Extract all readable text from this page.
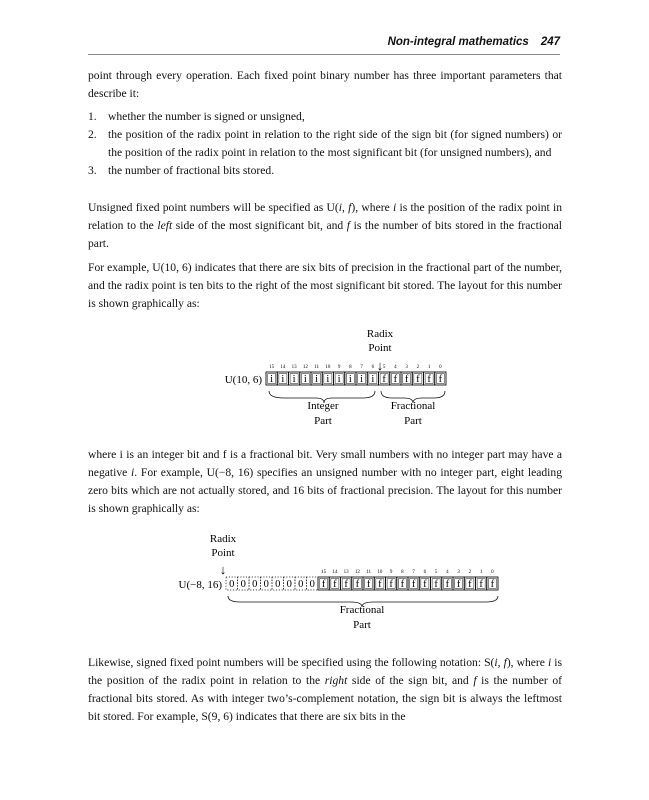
Non-integral mathematics 247
point through every operation. Each fixed point binary number has three important parameters that describe it:
1. whether the number is signed or unsigned,
2. the position of the radix point in relation to the right side of the sign bit (for signed numbers) or the position of the radix point in relation to the most significant bit (for unsigned numbers), and
3. the number of fractional bits stored.
Unsigned fixed point numbers will be specified as U(i, f), where i is the position of the radix point in relation to the left side of the most significant bit, and f is the number of bits stored in the fractional part.
For example, U(10, 6) indicates that there are six bits of precision in the fractional part of the number, and the radix point is ten bits to the right of the most significant bit stored. The layout for this number is shown graphically as:
Radix
Point
↓
U(10, 6)
15 14 13 12 11 10 9 8 7 6 5 4 3 2 1 0
i i i i i i i i i i f f f f f f
Integer
Part
Fractional
Part
where i is an integer bit and f is a fractional bit. Very small numbers with no integer part may have a negative i. For example, U(−8, 16) specifies an unsigned number with no integer part, eight leading zero bits which are not actually stored, and 16 bits of fractional precision. The layout for this number is shown graphically as:
Radix
Point
↓
U(−8, 16) 0 0 0 0 0 0 0 0
15 14 13 12 11 10 9 8 7 6 5 4 3 2 1 0
f f f f f f f f f f f f f f f f
Fractional
Part
Likewise, signed fixed point numbers will be specified using the following notation: S(i, f), where i is the position of the radix point in relation to the right side of the sign bit, and f is the number of fractional bits stored. As with integer two’s-complement notation, the sign bit is always the leftmost bit stored. For example, S(9, 6) indicates that there are six bits in the
